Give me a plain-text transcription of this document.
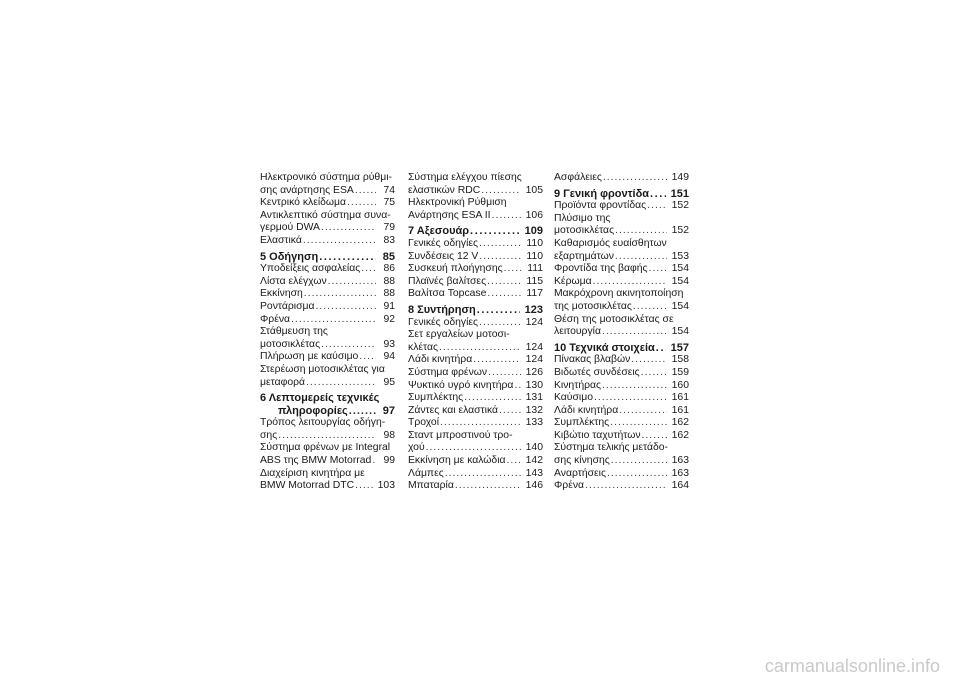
Ηλεκτρονικό σύστημα ρύθμι-
σης ανάρτησης ESA .....	74
Κεντρικό κλείδωμα .....	75
Αντικλεπτικό σύστημα συνα-
γερμού DWA .....	79
Ελαστικά .....	83
5 Οδήγηση .....	85
Υποδείξεις ασφαλείας .....	86
Λίστα ελέγχων .....	88
Εκκίνηση .....	88
Ροντάρισμα .....	91
Φρένα .....	92
Στάθμευση της
μοτοσικλέτας .....	93
Πλήρωση με καύσιμο .....	94
Στερέωση μοτοσικλέτας για
μεταφορά .....	95
6 Λεπτομερείς τεχνικές
πληροφορίες .....	97
Τρόπος λειτουργίας οδήγη-
σης .....	98
Σύστημα φρένων με Integral
ABS της BMW Motorrad .....	99
Διαχείριση κινητήρα με
BMW Motorrad DTC .....	103
Σύστημα ελέγχου πίεσης
ελαστικών RDC .....	105
Ηλεκτρονική Ρύθμιση
Ανάρτησης ESA II .....	106
7 Αξεσουάρ .....	109
Γενικές οδηγίες .....	110
Συνδέσεις 12 V .....	110
Συσκευή πλοήγησης .....	111
Πλαϊνές βαλίτσες .....	115
Βαλίτσα Topcase .....	117
8 Συντήρηση .....	123
Γενικές οδηγίες .....	124
Σετ εργαλείων μοτοσι-
κλέτας .....	124
Λάδι κινητήρα .....	124
Σύστημα φρένων .....	126
Ψυκτικό υγρό κινητήρα .....	130
Συμπλέκτης .....	131
Ζάντες και ελαστικά .....	132
Τροχοί .....	133
Σταντ μπροστινού τρο-
χού .....	140
Εκκίνηση με καλώδια .....	142
Λάμπες .....	143
Μπαταρία .....	146
Ασφάλειες .....	149
9 Γενική φροντίδα .....	151
Προϊόντα φροντίδας .....	152
Πλύσιμο της
μοτοσικλέτας .....	152
Καθαρισμός ευαίσθητων
εξαρτημάτων .....	153
Φροντίδα της βαφής .....	154
Κέρωμα .....	154
Μακρόχρονη ακινητοποίηση
της μοτοσικλέτας .....	154
Θέση της μοτοσικλέτας σε
λειτουργία .....	154
10 Τεχνικά στοιχεία .....	157
Πίνακας βλαβών .....	158
Βιδωτές συνδέσεις .....	159
Κινητήρας .....	160
Καύσιμο .....	161
Λάδι κινητήρα .....	161
Συμπλέκτης .....	162
Κιβώτιο ταχυτήτων .....	162
Σύστημα τελικής μετάδο-
σης κίνησης .....	163
Αναρτήσεις .....	163
Φρένα .....	164
carmanualsonline.info
